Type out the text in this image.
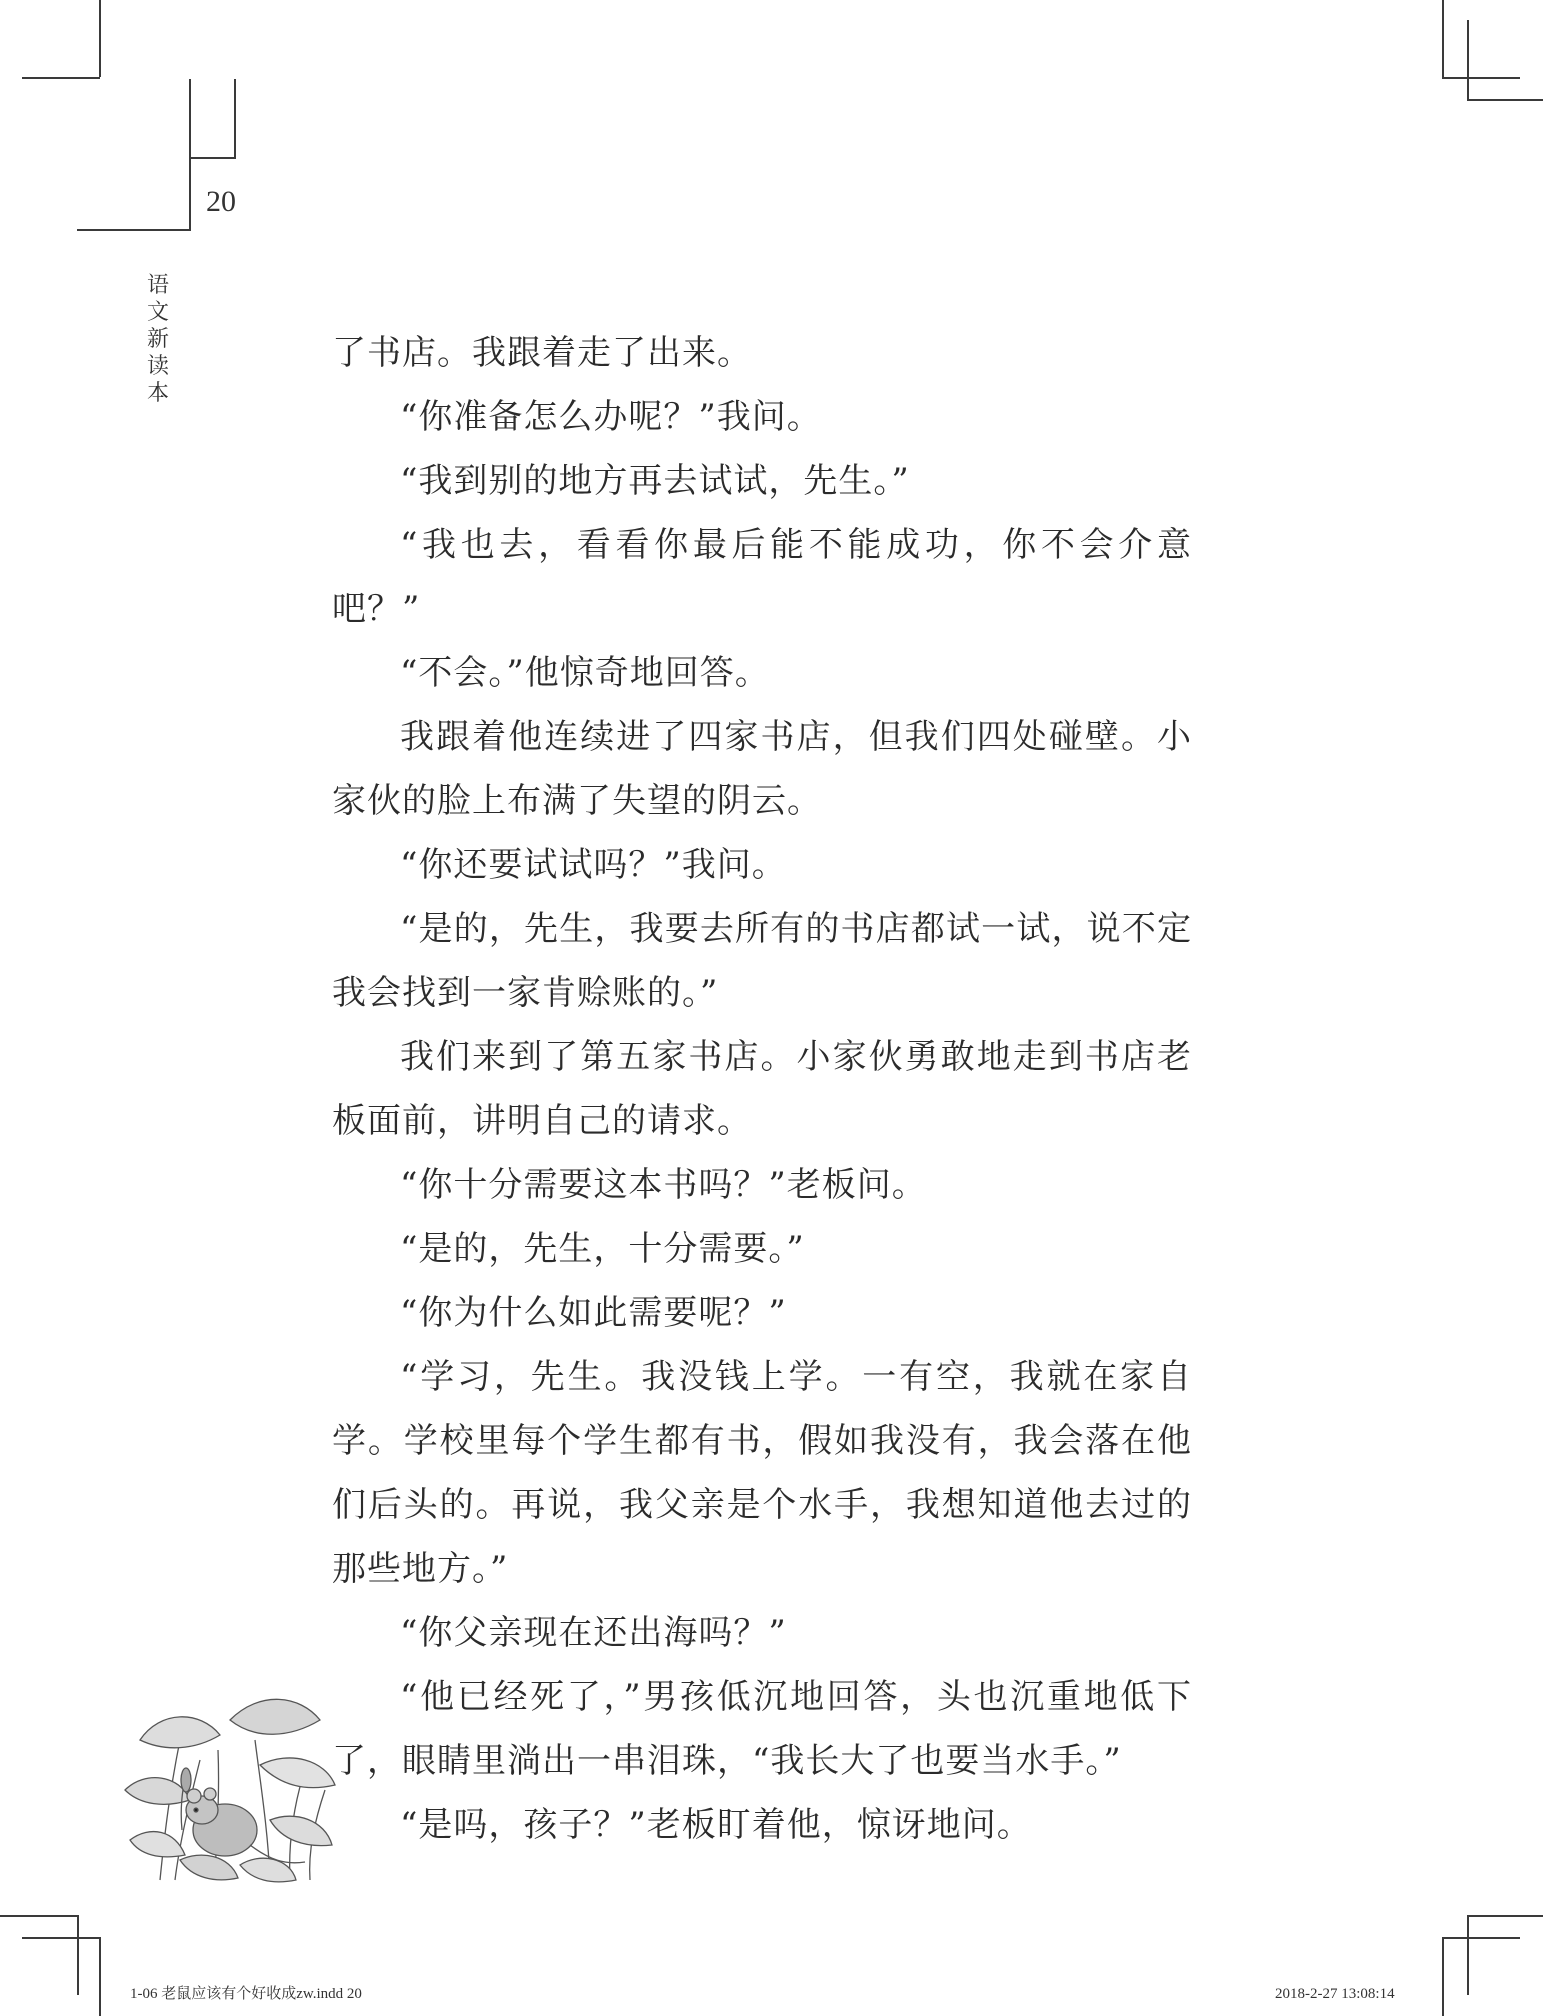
20
语文新读本

了书店。我跟着走了出来。

“你准备怎么办呢？”我问。

“我到别的地方再去试试，先生。”

“我也去，看看你最后能不能成功，你不会介意吧？”

“不会。”他惊奇地回答。

我跟着他连续进了四家书店，但我们四处碰壁。小家伙的脸上布满了失望的阴云。

“你还要试试吗？”我问。

“是的，先生，我要去所有的书店都试一试，说不定我会找到一家肯赊账的。”

我们来到了第五家书店。小家伙勇敢地走到书店老板面前，讲明自己的请求。

“你十分需要这本书吗？”老板问。

“是的，先生，十分需要。”

“你为什么如此需要呢？”

“学习，先生。我没钱上学。一有空，我就在家自学。学校里每个学生都有书，假如我没有，我会落在他们后头的。再说，我父亲是个水手，我想知道他去过的那些地方。”

“你父亲现在还出海吗？”

“他已经死了，”男孩低沉地回答，头也沉重地低下了，眼睛里淌出一串泪珠，“我长大了也要当水手。”

“是吗，孩子？”老板盯着他，惊讶地问。

1-06 老鼠应该有个好收成zw.indd 20	2018-2-27 13:08:14
